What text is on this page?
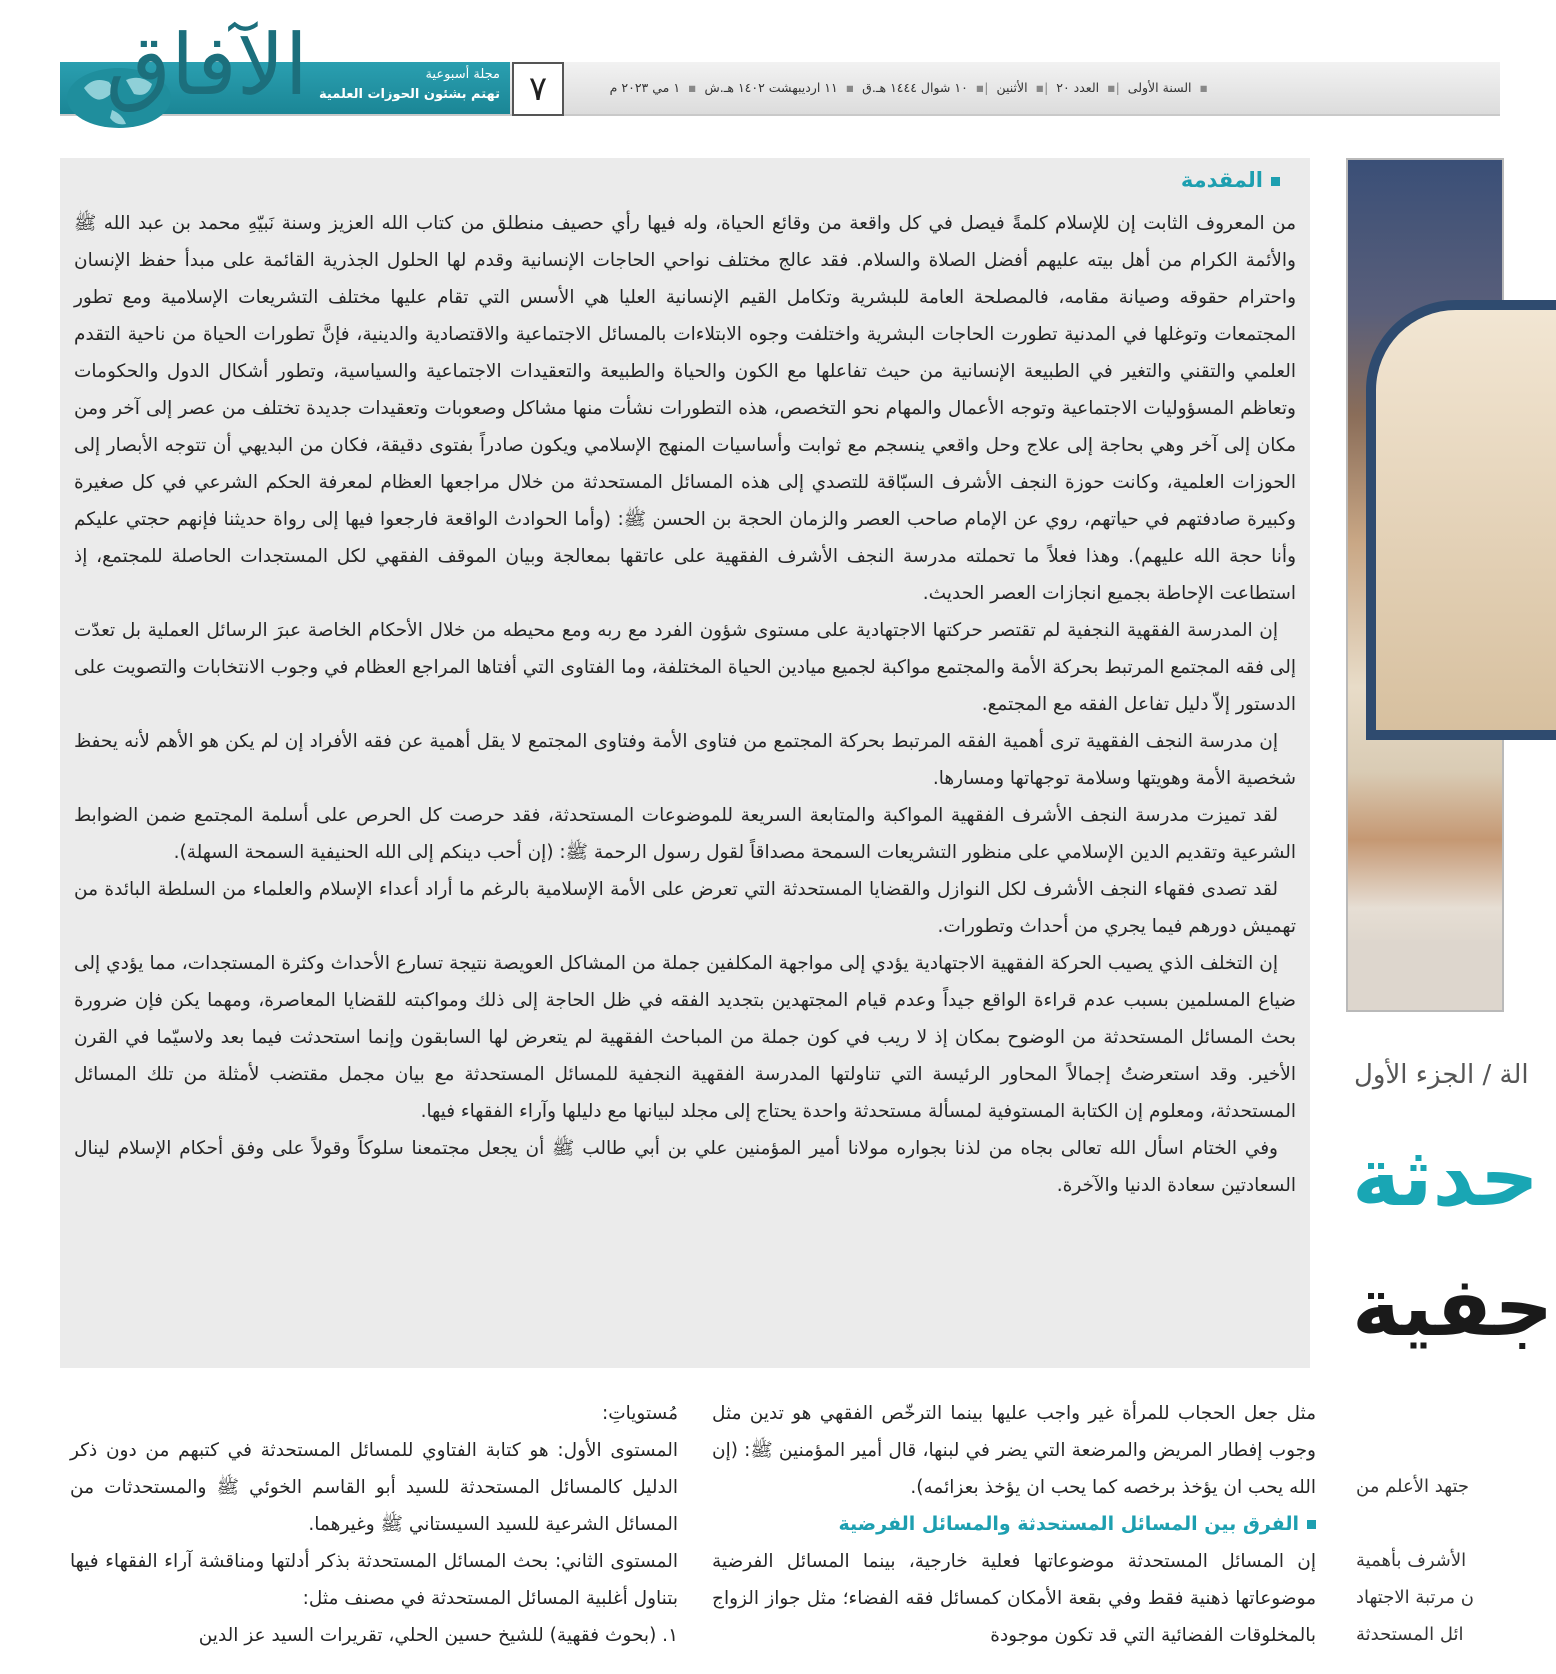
الآفاق	مجلة أسبوعية
تهتم بشئون الحوزات العلمية ٧	▪ السنة الأولى |▪ العدد ٢٠ |▪ الأثنين |▪ ١٠ شوال ١٤٤٤ هـ.ق ▪ ١١ ارديبهشت ١٤٠٢ هـ.ش ▪ ١ مي ٢٠٢٣ م
المقدمة

من المعروف الثابت إن للإسلام كلمةً فيصل في كل واقعة من وقائع الحياة، وله فيها رأي حصيف منطلق من كتاب الله العزيز وسنة نَبيّهِ محمد بن عبد الله ﷺ والأئمة الكرام من أهل بيته عليهم أفضل الصلاة والسلام. فقد عالج مختلف نواحي الحاجات الإنسانية وقدم لها الحلول الجذرية القائمة على مبدأ حفظ الإنسان واحترام حقوقه وصيانة مقامه، فالمصلحة العامة للبشرية وتكامل القيم الإنسانية العليا هي الأسس التي تقام عليها مختلف التشريعات الإسلامية ومع تطور المجتمعات وتوغلها في المدنية تطورت الحاجات البشرية واختلفت وجوه الابتلاءات بالمسائل الاجتماعية والاقتصادية والدينية، فإنَّ تطورات الحياة من ناحية التقدم العلمي والتقني والتغير في الطبيعة الإنسانية من حيث تفاعلها مع الكون والحياة والطبيعة والتعقيدات الاجتماعية والسياسية، وتطور أشكال الدول والحكومات وتعاظم المسؤوليات الاجتماعية وتوجه الأعمال والمهام نحو التخصص، هذه التطورات نشأت منها مشاكل وصعوبات وتعقيدات جديدة تختلف من عصر إلى آخر ومن مكان إلى آخر وهي بحاجة إلى علاج وحل واقعي ينسجم مع ثوابت وأساسيات المنهج الإسلامي ويكون صادراً بفتوى دقيقة، فكان من البديهي أن تتوجه الأبصار إلى الحوزات العلمية، وكانت حوزة النجف الأشرف السبّاقة للتصدي إلى هذه المسائل المستحدثة من خلال مراجعها العظام لمعرفة الحكم الشرعي في كل صغيرة وكبيرة صادفتهم في حياتهم، روي عن الإمام صاحب العصر والزمان الحجة بن الحسن ﷺ: (وأما الحوادث الواقعة فارجعوا فيها إلى رواة حديثنا فإنهم حجتي عليكم وأنا حجة الله عليهم). وهذا فعلاً ما تحملته مدرسة النجف الأشرف الفقهية على عاتقها بمعالجة وبيان الموقف الفقهي لكل المستجدات الحاصلة للمجتمع، إذ استطاعت الإحاطة بجميع انجازات العصر الحديث.

إن المدرسة الفقهية النجفية لم تقتصر حركتها الاجتهادية على مستوى شؤون الفرد مع ربه ومع محيطه من خلال الأحكام الخاصة عبرَ الرسائل العملية بل تعدّت إلى فقه المجتمع المرتبط بحركة الأمة والمجتمع مواكبة لجميع ميادين الحياة المختلفة، وما الفتاوى التي أفتاها المراجع العظام في وجوب الانتخابات والتصويت على الدستور إلاّ دليل تفاعل الفقه مع المجتمع.

إن مدرسة النجف الفقهية ترى أهمية الفقه المرتبط بحركة المجتمع من فتاوى الأمة وفتاوى المجتمع لا يقل أهمية عن فقه الأفراد إن لم يكن هو الأهم لأنه يحفظ شخصية الأمة وهويتها وسلامة توجهاتها ومسارها.

لقد تميزت مدرسة النجف الأشرف الفقهية المواكبة والمتابعة السريعة للموضوعات المستحدثة، فقد حرصت كل الحرص على أسلمة المجتمع ضمن الضوابط الشرعية وتقديم الدين الإسلامي على منظور التشريعات السمحة مصداقاً لقول رسول الرحمة ﷺ: (إن أحب دينكم إلى الله الحنيفية السمحة السهلة).

لقد تصدى فقهاء النجف الأشرف لكل النوازل والقضايا المستحدثة التي تعرض على الأمة الإسلامية بالرغم ما أراد أعداء الإسلام والعلماء من السلطة البائدة من تهميش دورهم فيما يجري من أحداث وتطورات.

إن التخلف الذي يصيب الحركة الفقهية الاجتهادية يؤدي إلى مواجهة المكلفين جملة من المشاكل العويصة نتيجة تسارع الأحداث وكثرة المستجدات، مما يؤدي إلى ضياع المسلمين بسبب عدم قراءة الواقع جيداً وعدم قيام المجتهدين بتجديد الفقه في ظل الحاجة إلى ذلك ومواكبته للقضايا المعاصرة، ومهما يكن فإن ضرورة بحث المسائل المستحدثة من الوضوح بمكان إذ لا ريب في كون جملة من المباحث الفقهية لم يتعرض لها السابقون وإنما استحدثت فيما بعد ولاسيّما في القرن الأخير. وقد استعرضتُ إجمالاً المحاور الرئيسة التي تناولتها المدرسة الفقهية النجفية للمسائل المستحدثة مع بيان مجمل مقتضب لأمثلة من تلك المسائل المستحدثة، ومعلوم إن الكتابة المستوفية لمسألة مستحدثة واحدة يحتاج إلى مجلد لبيانها مع دليلها وآراء الفقهاء فيها.

وفي الختام اسأل الله تعالى بجاه من لذنا بجواره مولانا أمير المؤمنين علي بن أبي طالب ﷺ أن يجعل مجتمعنا سلوكاً وقولاً على وفق أحكام الإسلام لينال السعادتين سعادة الدنيا والآخرة.

الة / الجزء الأول
حدثة
جفية
جتهد الأعلم من
الأشرف بأهمية
ن مرتبة الاجتهاد
ائل المستحدثة

مثل جعل الحجاب للمرأة غير واجب عليها بينما الترخّص الفقهي هو تدين مثل وجوب إفطار المريض والمرضعة التي يضر في لبنها، قال أمير المؤمنين ﷺ: (إن الله يحب ان يؤخذ برخصه كما يحب ان يؤخذ بعزائمه).

الفرق بين المسائل المستحدثة والمسائل الفرضية

إن المسائل المستحدثة موضوعاتها فعلية خارجية، بينما المسائل الفرضية موضوعاتها ذهنية فقط وفي بقعة الأمكان كمسائل فقه الفضاء؛ مثل جواز الزواج بالمخلوقات الفضائية التي قد تكون موجودة

مُستوياتِ:

المستوى الأول: هو كتابة الفتاوي للمسائل المستحدثة في كتبهم من دون ذكر الدليل كالمسائل المستحدثة للسيد أبو القاسم الخوئي ﷺ والمستحدثات من المسائل الشرعية للسيد السيستاني ﷺ وغيرهما.

المستوى الثاني: بحث المسائل المستحدثة بذكر أدلتها ومناقشة آراء الفقهاء فيها بتناول أغلبية المسائل المستحدثة في مصنف مثل:

١. (بحوث فقهية) للشيخ حسين الحلي، تقريرات السيد عز الدين
